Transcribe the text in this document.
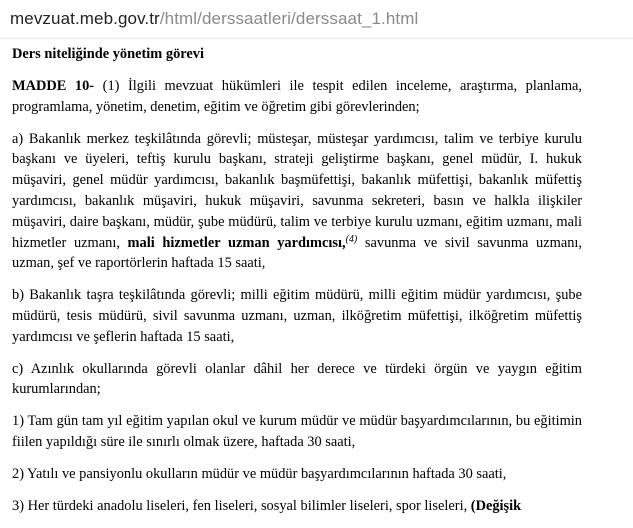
mevzuat.meb.gov.tr/html/derssaatleri/derssaat_1.html
Ders niteliğinde yönetim görevi

MADDE 10- (1) İlgili mevzuat hükümleri ile tespit edilen inceleme, araştırma, planlama, programlama, yönetim, denetim, eğitim ve öğretim gibi görevlerinden;

a) Bakanlık merkez teşkilâtında görevli; müsteşar, müsteşar yardımcısı, talim ve terbiye kurulu başkanı ve üyeleri, teftiş kurulu başkanı, strateji geliştirme başkanı, genel müdür, I. hukuk müşaviri, genel müdür yardımcısı, bakanlık başmüfettişi, bakanlık müfettişi, bakanlık müfettiş yardımcısı, bakanlık müşaviri, hukuk müşaviri, savunma sekreteri, basın ve halkla ilişkiler müşaviri, daire başkanı, müdür, şube müdürü, talim ve terbiye kurulu uzmanı, eğitim uzmanı, mali hizmetler uzmanı, mali hizmetler uzman yardımcısı,$^{(4)}$ savunma ve sivil savunma uzmanı, uzman, şef ve raportörlerin haftada 15 saati,

b) Bakanlık taşra teşkilâtında görevli; milli eğitim müdürü, milli eğitim müdür yardımcısı, şube müdürü, tesis müdürü, sivil savunma uzmanı, uzman, ilköğretim müfettişi, ilköğretim müfettiş yardımcısı ve şeflerin haftada 15 saati,

c) Azınlık okullarında görevli olanlar dâhil her derece ve türdeki örgün ve yaygın eğitim kurumlarından;

1) Tam gün tam yıl eğitim yapılan okul ve kurum müdür ve müdür başyardımcılarının, bu eğitimin fiilen yapıldığı süre ile sınırlı olmak üzere, haftada 30 saati,

2) Yatılı ve pansiyonlu okulların müdür ve müdür başyardımcılarının haftada 30 saati,

3) Her türdeki anadolu liseleri, fen liseleri, sosyal bilimler liseleri, spor liseleri, (Değişik
